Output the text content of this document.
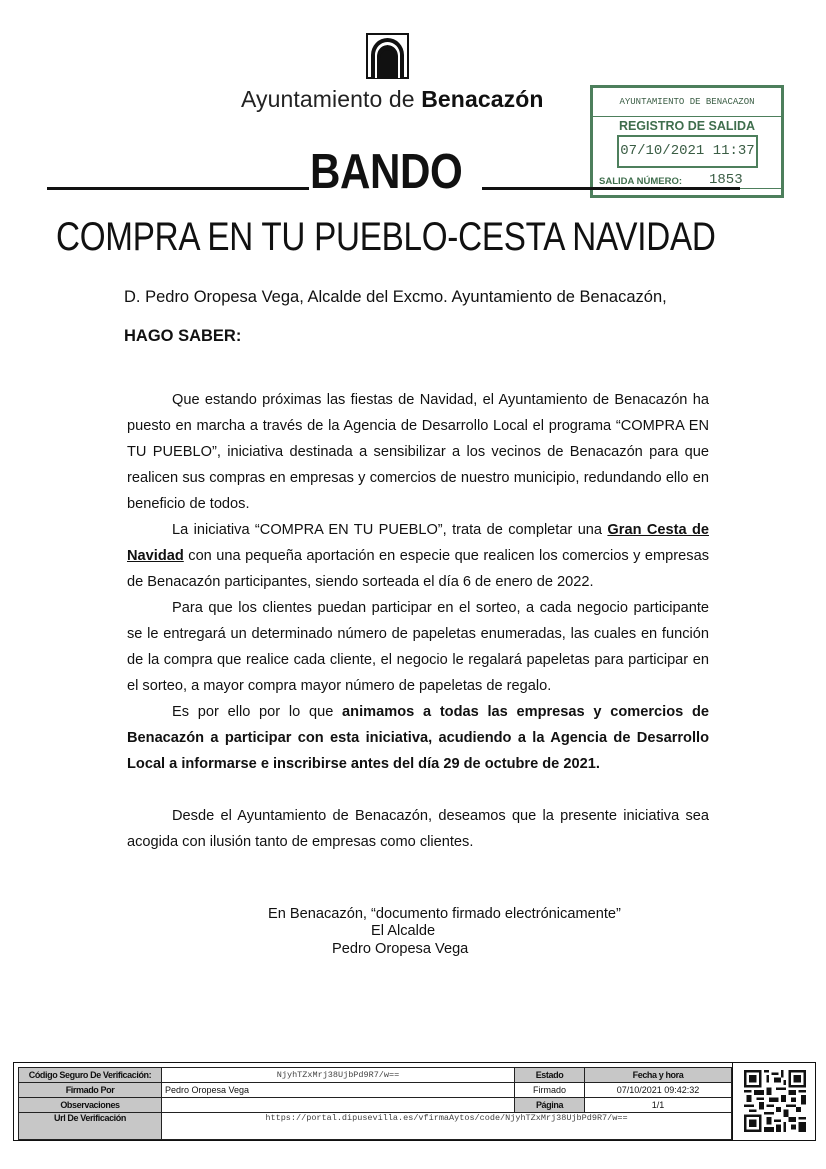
Ayuntamiento de Benacazón	AYUNTAMIENTO DE BENACAZON
REGISTRO DE SALIDA
07/10/2021 11:37
SALIDA NÚMERO: 1853
BANDO
COMPRA EN TU PUEBLO-CESTA NAVIDAD
D. Pedro Oropesa Vega, Alcalde del Excmo. Ayuntamiento de Benacazón,
HAGO SABER:

Que estando próximas las fiestas de Navidad, el Ayuntamiento de Benacazón ha puesto en marcha a través de la Agencia de Desarrollo Local el programa “COMPRA EN TU PUEBLO”, iniciativa destinada a sensibilizar a los vecinos de Benacazón para que realicen sus compras en empresas y comercios de nuestro municipio, redundando ello en beneficio de todos.

La iniciativa “COMPRA EN TU PUEBLO”, trata de completar una Gran Cesta de Navidad con una pequeña aportación en especie que realicen los comercios y empresas de Benacazón participantes, siendo sorteada el día 6 de enero de 2022.

Para que los clientes puedan participar en el sorteo, a cada negocio participante se le entregará un determinado número de papeletas enumeradas, las cuales en función de la compra que realice cada cliente, el negocio le regalará papeletas para participar en el sorteo, a mayor compra mayor número de papeletas de regalo.

Es por ello por lo que animamos a todas las empresas y comercios de Benacazón a participar con esta iniciativa, acudiendo a la Agencia de Desarrollo Local a informarse e inscribirse antes del día 29 de octubre de 2021.

Desde el Ayuntamiento de Benacazón, deseamos que la presente iniciativa sea acogida con ilusión tanto de empresas como clientes.

En Benacazón, “documento firmado electrónicamente”
El Alcalde
Pedro Oropesa Vega
Código Seguro De Verificación:	NjyhTZxMrj38UjbPd9R7/w==	Estado	Fecha y hora
Firmado Por	Pedro Oropesa Vega	Firmado	07/10/2021 09:42:32
Observaciones		Página	1/1
Url De Verificación	https://portal.dipusevilla.es/vfirmaAytos/code/NjyhTZxMrj38UjbPd9R7/w==		
